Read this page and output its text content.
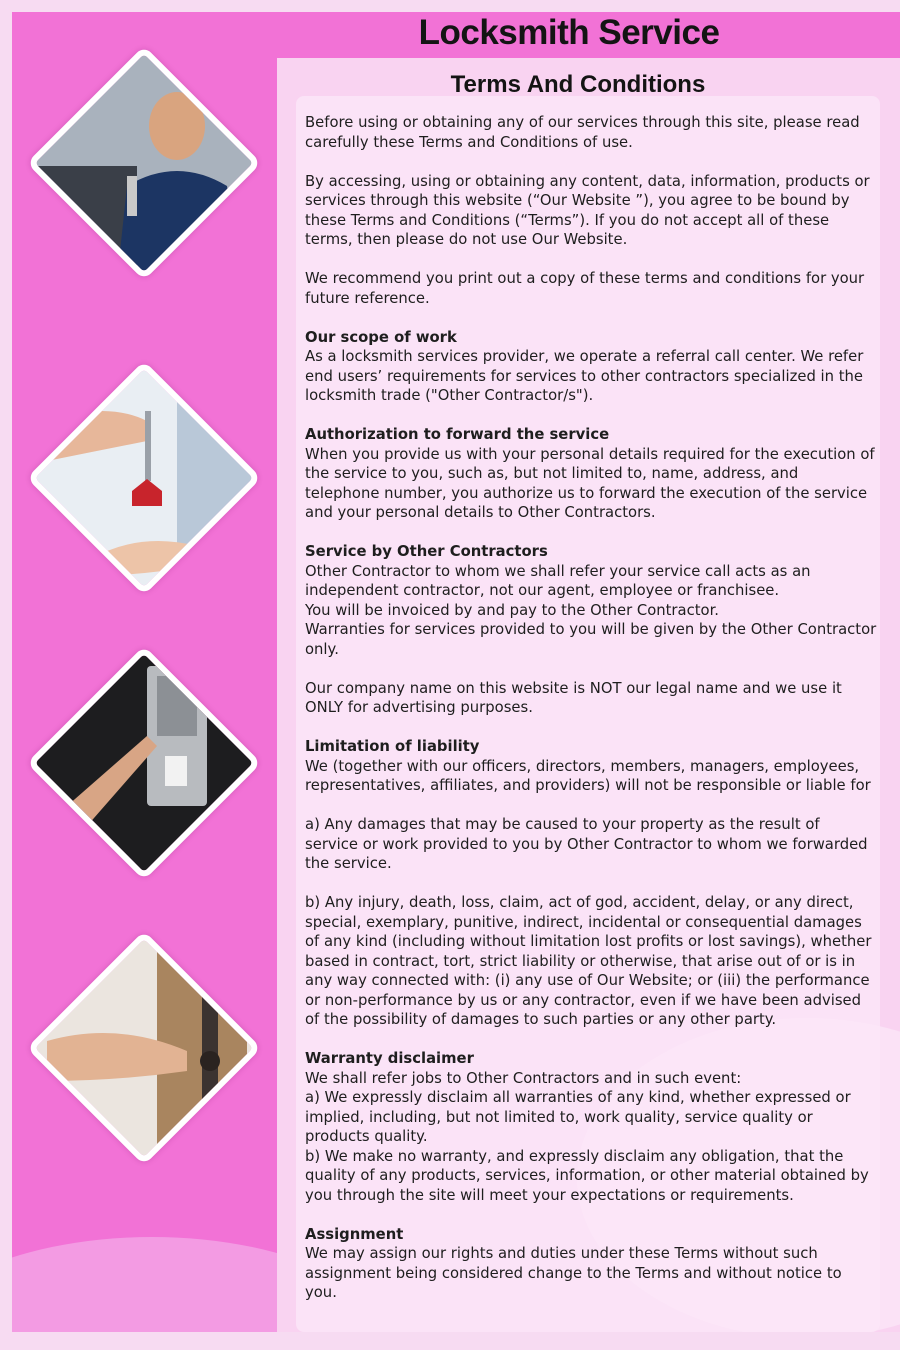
Locksmith Service
Terms And Conditions

Before using or obtaining any of our services through this site, please read carefully these Terms and Conditions of use.

By accessing, using or obtaining any content, data, information, products or services through this website (“Our Website ”), you agree to be bound by these Terms and Conditions (“Terms”). If you do not accept all of these terms, then please do not use Our Website.

We recommend you print out a copy of these terms and conditions for your future reference.

Our scope of work
As a locksmith services provider, we operate a referral call center. We refer end users’ requirements for services to other contractors specialized in the locksmith trade ("Other Contractor/s").

Authorization to forward the service
When you provide us with your personal details required for the execution of the service to you, such as, but not limited to, name, address, and telephone number, you authorize us to forward the execution of the service and your personal details to Other Contractors.

Service by Other Contractors
Other Contractor to whom we shall refer your service call acts as an independent contractor, not our agent, employee or franchisee.
You will be invoiced by and pay to the Other Contractor.
Warranties for services provided to you will be given by the Other Contractor only.

Our company name on this website is NOT our legal name and we use it ONLY for advertising purposes.

Limitation of liability
We (together with our officers, directors, members, managers, employees, representatives, affiliates, and providers) will not be responsible or liable for

a) Any damages that may be caused to your property as the result of service or work provided to you by Other Contractor to whom we forwarded the service.

b) Any injury, death, loss, claim, act of god, accident, delay, or any direct, special, exemplary, punitive, indirect, incidental or consequential damages of any kind (including without limitation lost profits or lost savings), whether based in contract, tort, strict liability or otherwise, that arise out of or is in any way connected with: (i) any use of Our Website; or (iii) the performance or non-performance by us or any contractor, even if we have been advised of the possibility of damages to such parties or any other party.

Warranty disclaimer
We shall refer jobs to Other Contractors and in such event:
a) We expressly disclaim all warranties of any kind, whether expressed or implied, including, but not limited to, work quality, service quality or products quality.
b) We make no warranty, and expressly disclaim any obligation, that the quality of any products, services, information, or other material obtained by you through the site will meet your expectations or requirements.

Assignment
We may assign our rights and duties under these Terms without such assignment being considered change to the Terms and without notice to you.
